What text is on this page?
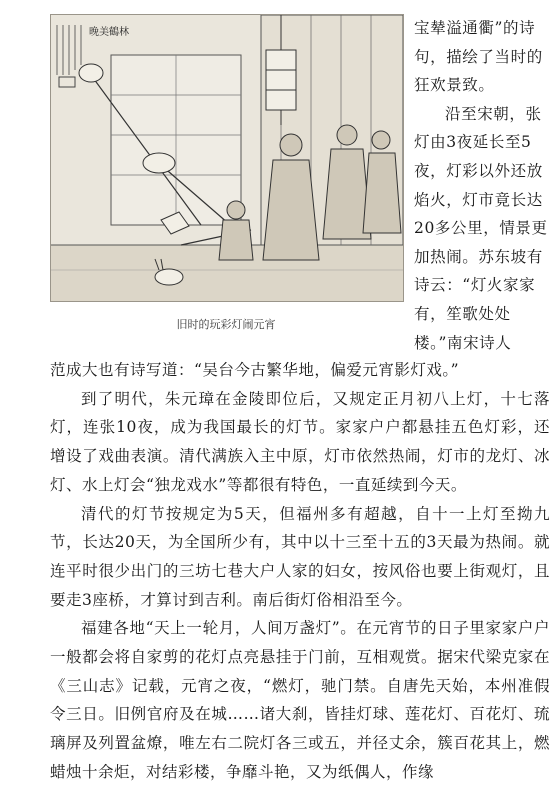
晚美鶴林
旧时的玩彩灯闹元宵

宝辇溢通衢”的诗句，描绘了当时的狂欢景致。

沿至宋朝，张灯由3夜延长至5夜，灯彩以外还放焰火，灯市竟长达20多公里，情景更加热闹。苏东坡有诗云：“灯火家家有，笙歌处处楼。”南宋诗人

范成大也有诗写道：“吴台今古繁华地，偏爱元宵影灯戏。”

到了明代，朱元璋在金陵即位后，又规定正月初八上灯，十七落灯，连张10夜，成为我国最长的灯节。家家户户都悬挂五色灯彩，还增设了戏曲表演。清代满族入主中原，灯市依然热闹，灯市的龙灯、冰灯、水上灯会“独龙戏水”等都很有特色，一直延续到今天。

清代的灯节按规定为5天，但福州多有超越，自十一上灯至拗九节，长达20天，为全国所少有，其中以十三至十五的3天最为热闹。就连平时很少出门的三坊七巷大户人家的妇女，按风俗也要上街观灯，且要走3座桥，才算讨到吉利。南后街灯俗相沿至今。

福建各地“天上一轮月，人间万盏灯”。在元宵节的日子里家家户户一般都会将自家剪的花灯点亮悬挂于门前，互相观赏。据宋代梁克家在《三山志》记载，元宵之夜，“燃灯，驰门禁。自唐先天始，本州准假令三日。旧例官府及在城……诸大刹，皆挂灯球、莲花灯、百花灯、琉璃屏及列置盆燎，唯左右二院灯各三或五，并径丈余，簇百花其上，燃蜡烛十余炬，对结彩楼，争靡斗艳，又为纸偶人，作缘
